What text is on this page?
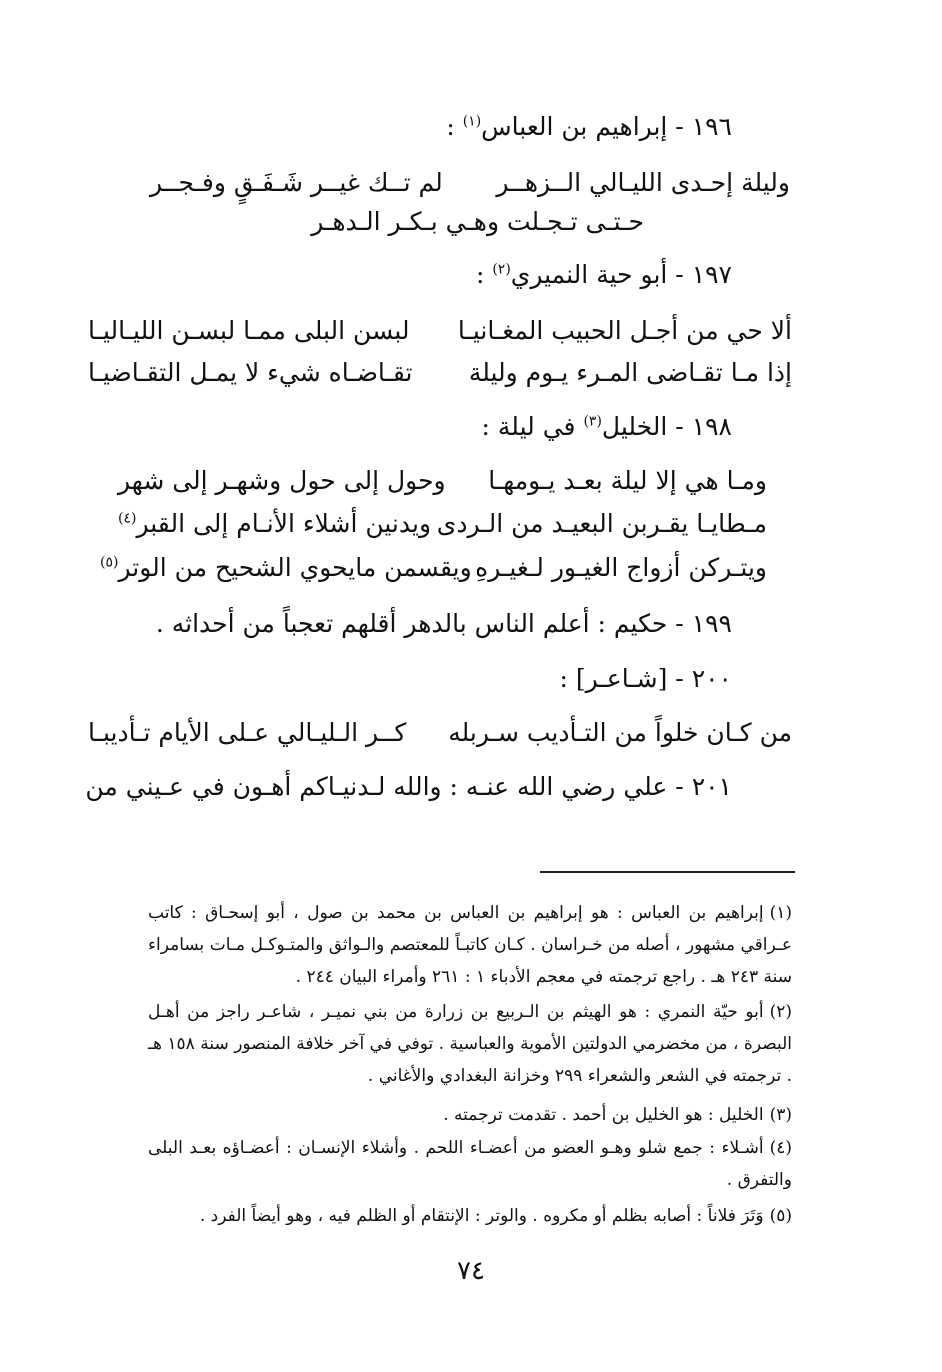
١٩٦ - إبراهيم بن العباس$^{(١)}$ :
وليلة إحـدى الليـالي الــزهــر
لم تــك غيــر شَـفَـقٍ وفـجــر
حـتـى تـجـلت وهـي بـكـر الـدهـر
١٩٧ - أبو حية النميري$^{(٢)}$ :
ألا حي من أجـل الحبيب المغـانيـا
لبسن البلى ممـا لبسـن الليـاليـا
إذا مـا تقـاضى المـرء يـوم وليلة
تقـاضـاه شيء لا يمـل التقـاضيـا
١٩٨ - الخليل$^{(٣)}$ في ليلة :
ومـا هي إلا ليلة بعـد يـومهـا
وحول إلى حول وشهـر إلى شهر
مـطايـا يقـربن البعيـد من الـردى
ويدنين أشلاء الأنـام إلى القبر$^{(٤)}$
ويتـركن أزواج الغيـور لـغيـرهِ
ويقسمن مايحوي الشحيح من الوتر$^{(٥)}$
١٩٩ - حكيم : أعلم الناس بالدهر أقلهم تعجباً من أحداثه .
٢٠٠ - [شـاعـر] :
من كـان خلواً من التـأديب سـربله
كــر الـليـالي عـلى الأيام تـأديبـا
٢٠١ - علي رضي الله عنـه : والله لـدنيـاكم أهـون في عـيني من
(١)إبراهيم بن العباس : هو إبراهيم بن العباس بن محمد بن صول ، أبو إسحـاق : كاتب عـراقي مشهور ، أصله من خـراسان . كـان كاتبـاً للمعتصم والـواثق والمتـوكـل مـات بسامراء سنة ٢٤٣ هـ . راجع ترجمته في معجم الأدباء ١ : ٢٦١ وأمراء البيان ٢٤٤ .
(٢)أبو حيّة النمري : هو الهيثم بن الـربيع بن زرارة من بني نميـر ، شاعـر راجز من أهـل البصرة ، من مخضرمي الدولتين الأموية والعباسية . توفي في آخر خلافة المنصور سنة ١٥٨ هـ . ترجمته في الشعر والشعراء ٢٩٩ وخزانة البغدادي والأغاني .
(٣)الخليل : هو الخليل بن أحمد . تقدمت ترجمته .
(٤)أشـلاء : جمع شلو وهـو العضو من أعضـاء اللحم . وأشلاء الإنسـان : أعضـاؤه بعـد البلى والتفرق .
(٥)وَتَرَ فلاناً : أصابه بظلم أو مكروه . والوتر : الإنتقام أو الظلم فيه ، وهو أيضاً الفرد .
٧٤
